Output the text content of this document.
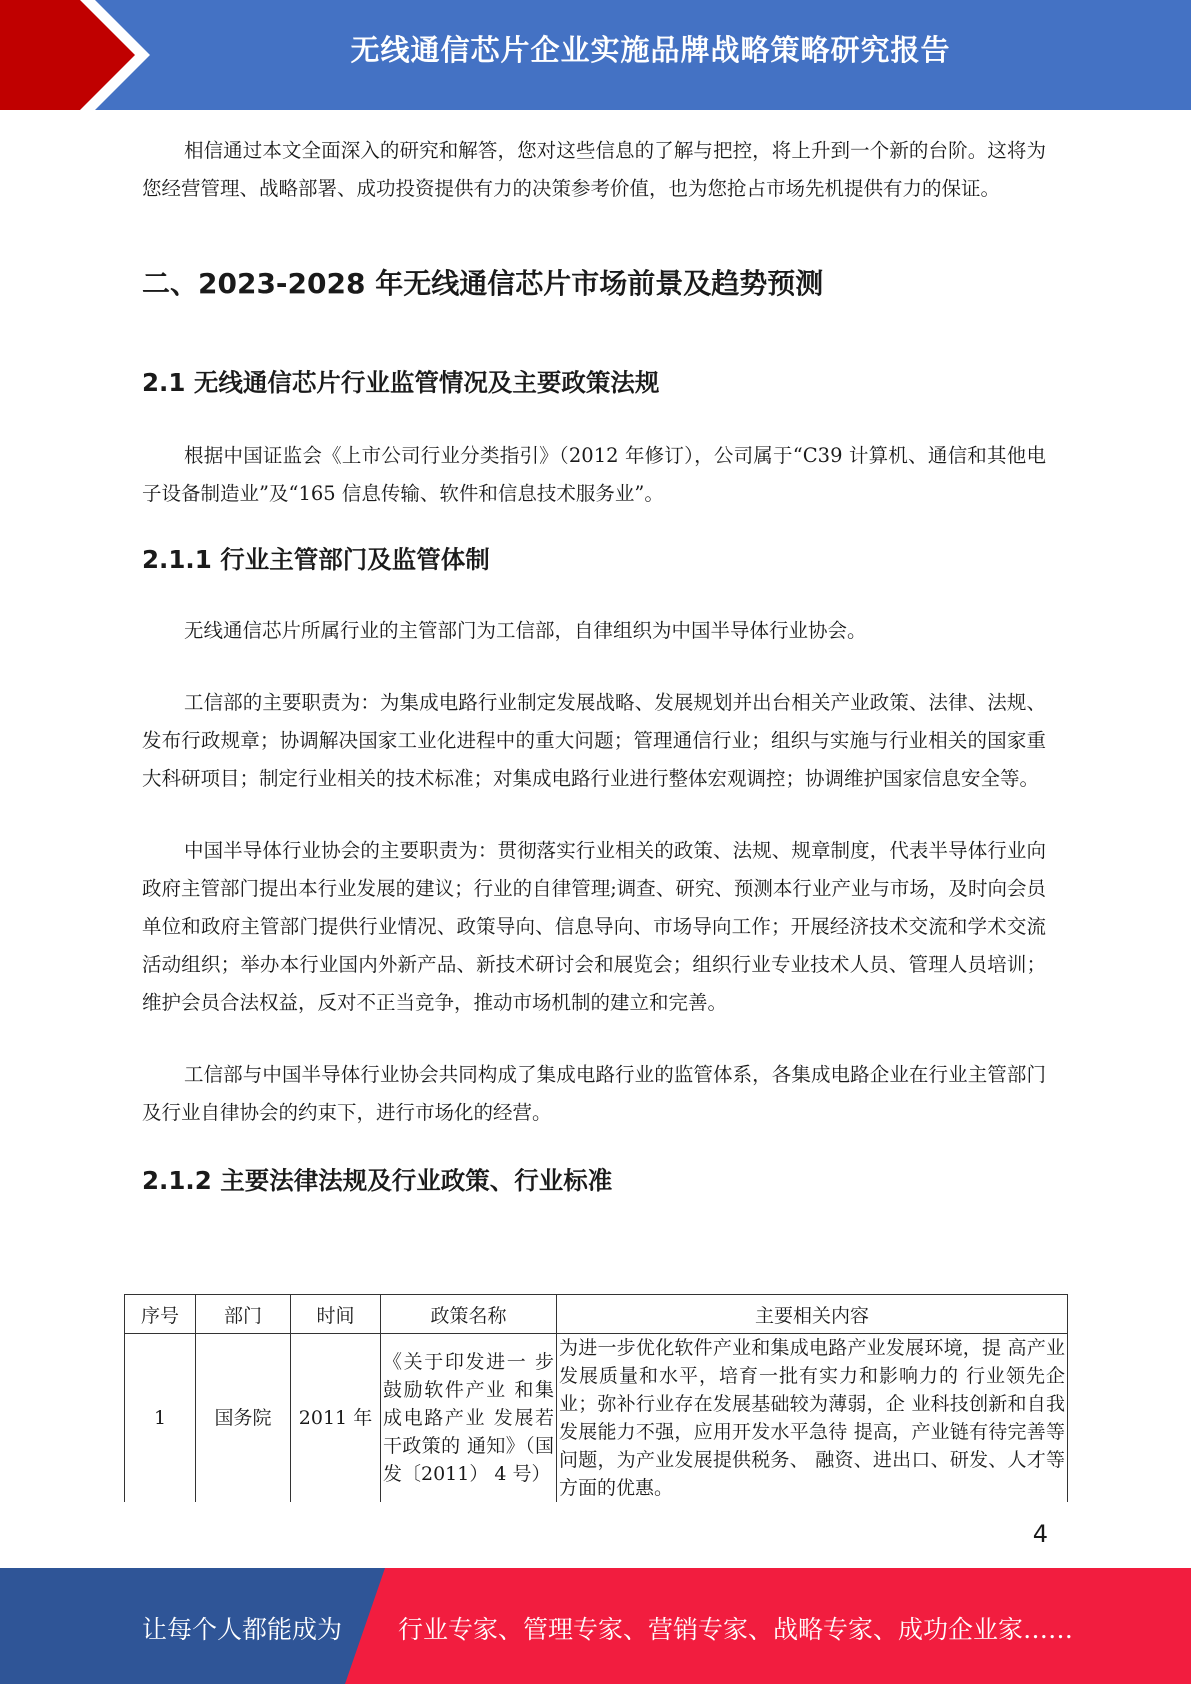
无线通信芯片企业实施品牌战略策略研究报告

相信通过本文全面深入的研究和解答，您对这些信息的了解与把控，将上升到一个新的台阶。这将为您经营管理、战略部署、成功投资提供有力的决策参考价值，也为您抢占市场先机提供有力的保证。

二、2023-2028 年无线通信芯片市场前景及趋势预测
2.1 无线通信芯片行业监管情况及主要政策法规

根据中国证监会《上市公司行业分类指引》（2012 年修订），公司属于“C39 计算机、通信和其他电子设备制造业”及“165 信息传输、软件和信息技术服务业”。

2.1.1 行业主管部门及监管体制

无线通信芯片所属行业的主管部门为工信部，自律组织为中国半导体行业协会。

工信部的主要职责为：为集成电路行业制定发展战略、发展规划并出台相关产业政策、法律、法规、发布行政规章；协调解决国家工业化进程中的重大问题；管理通信行业；组织与实施与行业相关的国家重大科研项目；制定行业相关的技术标准；对集成电路行业进行整体宏观调控；协调维护国家信息安全等。

中国半导体行业协会的主要职责为：贯彻落实行业相关的政策、法规、规章制度，代表半导体行业向政府主管部门提出本行业发展的建议；行业的自律管理;调查、研究、预测本行业产业与市场，及时向会员单位和政府主管部门提供行业情况、政策导向、信息导向、市场导向工作；开展经济技术交流和学术交流活动组织；举办本行业国内外新产品、新技术研讨会和展览会；组织行业专业技术人员、管理人员培训；维护会员合法权益，反对不正当竞争，推动市场机制的建立和完善。

工信部与中国半导体行业协会共同构成了集成电路行业的监管体系，各集成电路企业在行业主管部门及行业自律协会的约束下，进行市场化的经营。

2.1.2 主要法律法规及行业政策、行业标准
序号	部门	时间	政策名称	主要相关内容
1	国务院	2011 年	《关于印发进一 步鼓励软件产业 和集成电路产业 发展若干政策的 通知》（国发〔2011） 4 号）	为进一步优化软件产业和集成电路产业发展环境，提 高产业发展质量和水平，培育一批有实力和影响力的 行业领先企业；弥补行业存在发展基础较为薄弱，企 业科技创新和自我发展能力不强，应用开发水平急待 提高，产业链有待完善等问题，为产业发展提供税务、 融资、进出口、研发、人才等方面的优惠。
4
让每个人都能成为 行业专家、管理专家、营销专家、战略专家、成功企业家……
